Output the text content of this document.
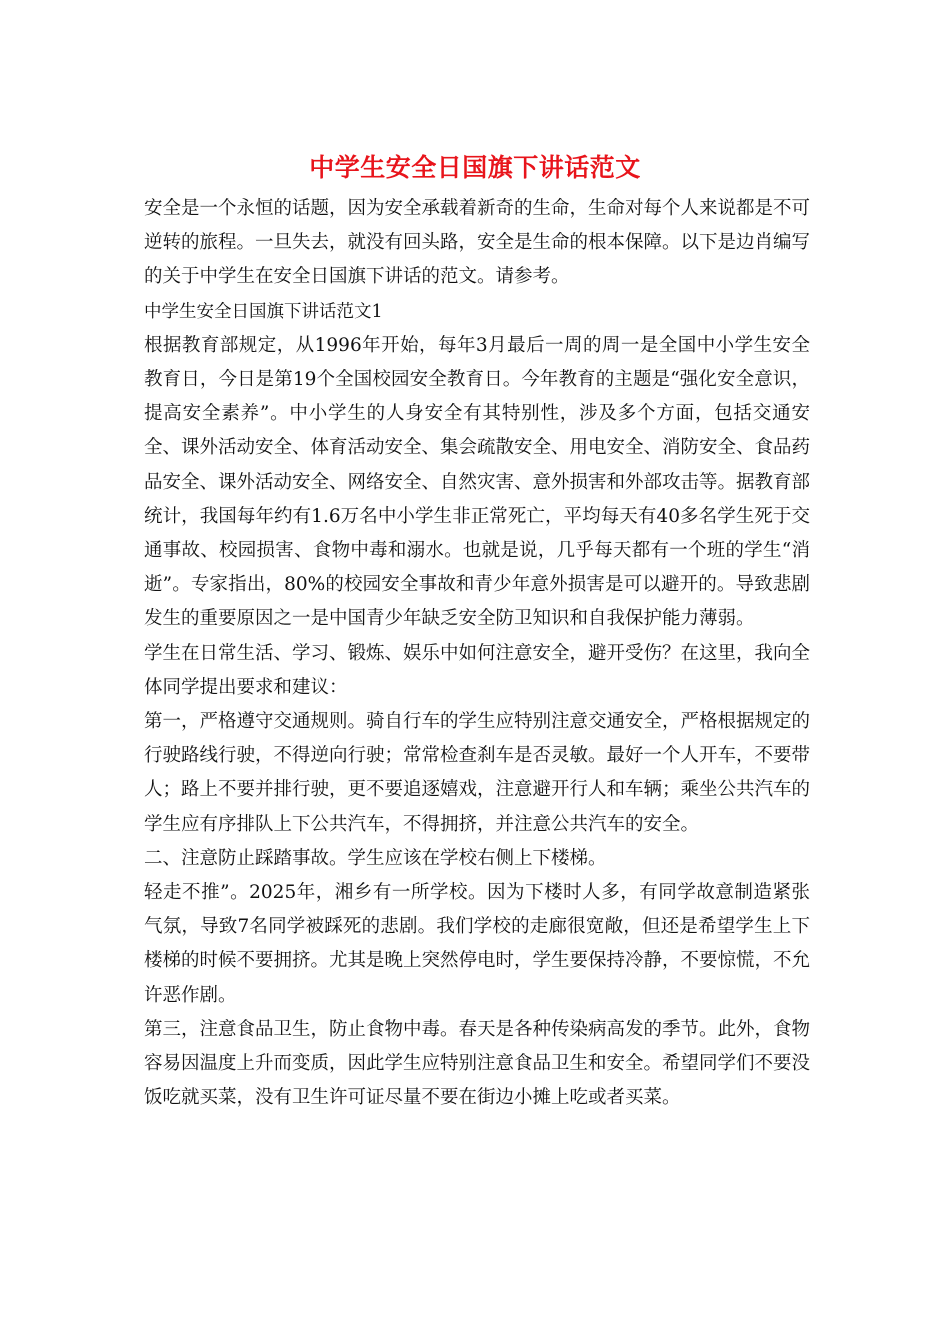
中学生安全日国旗下讲话范文

安全是一个永恒的话题，因为安全承载着新奇的生命，生命对每个人来说都是不可逆转的旅程。一旦失去，就没有回头路，安全是生命的根本保障。以下是边肖编写的关于中学生在安全日国旗下讲话的范文。请参考。

中学生安全日国旗下讲话范文1

根据教育部规定，从1996年开始，每年3月最后一周的周一是全国中小学生安全教育日，今日是第19个全国校园安全教育日。今年教育的主题是“强化安全意识，提高安全素养”。中小学生的人身安全有其特别性，涉及多个方面，包括交通安全、课外活动安全、体育活动安全、集会疏散安全、用电安全、消防安全、食品药品安全、课外活动安全、网络安全、自然灾害、意外损害和外部攻击等。据教育部统计，我国每年约有1.6万名中小学生非正常死亡，平均每天有40多名学生死于交通事故、校园损害、食物中毒和溺水。也就是说，几乎每天都有一个班的学生“消逝”。专家指出，80%的校园安全事故和青少年意外损害是可以避开的。导致悲剧发生的重要原因之一是中国青少年缺乏安全防卫知识和自我保护能力薄弱。

学生在日常生活、学习、锻炼、娱乐中如何注意安全，避开受伤？在这里，我向全体同学提出要求和建议：

第一，严格遵守交通规则。骑自行车的学生应特别注意交通安全，严格根据规定的行驶路线行驶，不得逆向行驶；常常检查刹车是否灵敏。最好一个人开车，不要带人；路上不要并排行驶，更不要追逐嬉戏，注意避开行人和车辆；乘坐公共汽车的学生应有序排队上下公共汽车，不得拥挤，并注意公共汽车的安全。

二、注意防止踩踏事故。学生应该在学校右侧上下楼梯。

轻走不推”。2025年，湘乡有一所学校。因为下楼时人多，有同学故意制造紧张气氛，导致7名同学被踩死的悲剧。我们学校的走廊很宽敞，但还是希望学生上下楼梯的时候不要拥挤。尤其是晚上突然停电时，学生要保持冷静，不要惊慌，不允许恶作剧。

第三，注意食品卫生，防止食物中毒。春天是各种传染病高发的季节。此外，食物容易因温度上升而变质，因此学生应特别注意食品卫生和安全。希望同学们不要没饭吃就买菜，没有卫生许可证尽量不要在街边小摊上吃或者买菜。
